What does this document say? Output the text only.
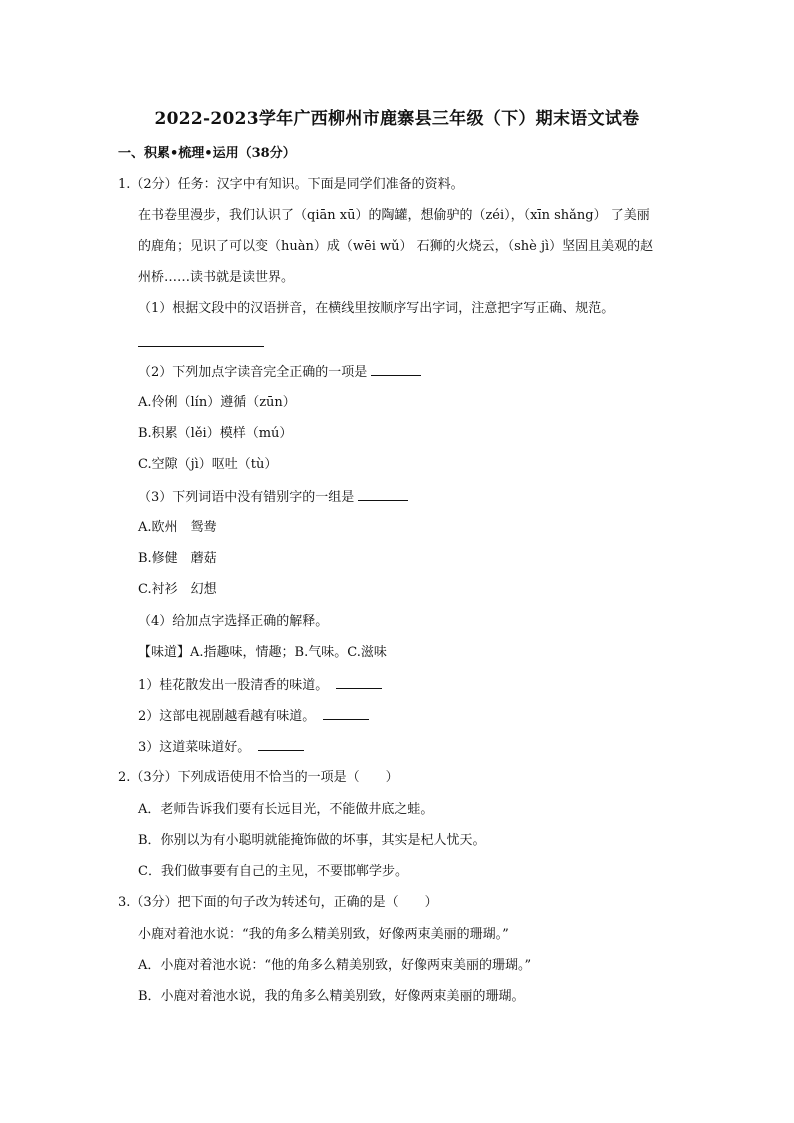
2022-2023学年广西柳州市鹿寨县三年级（下）期末语文试卷
一、积累•梳理•运用（38分）
1.（2分）任务：汉字中有知识。下面是同学们准备的资料。
在书卷里漫步，我们认识了（qiān xū）的陶罐，想偷驴的（zéi），（xīn shǎng） 了美丽
的鹿角；见识了可以变（huàn）成（wēi wǔ） 石狮的火烧云，（shè jì）坚固且美观的赵
州桥……读书就是读世界。
（1）根据文段中的汉语拼音，在横线里按顺序写出字词，注意把字写正确、规范。
（2）下列加点字读音完全正确的一项是
A.伶俐（lín）遵循（zūn）
B.积累（lěi）模样（mú）
C.空隙（jì）呕吐（tù）
（3）下列词语中没有错别字的一组是
A.欧州　鸳鸯
B.修健　蘑菇
C.衬衫　幻想
（4）给加点字选择正确的解释。
【味道】A.指趣味，情趣；B.气味。C.滋味
1）桂花散发出一股清香的味道。
2）这部电视剧越看越有味道。
3）这道菜味道好。
2.（3分）下列成语使用不恰当的一项是（　　）
A．老师告诉我们要有长远目光，不能做井底之蛙。
B．你别以为有小聪明就能掩饰做的坏事，其实是杞人忧天。
C．我们做事要有自己的主见，不要邯郸学步。
3.（3分）把下面的句子改为转述句，正确的是（　　）
小鹿对着池水说：“我的角多么精美别致，好像两束美丽的珊瑚。”
A．小鹿对着池水说：“他的角多么精美别致，好像两束美丽的珊瑚。”
B．小鹿对着池水说，我的角多么精美别致，好像两束美丽的珊瑚。
